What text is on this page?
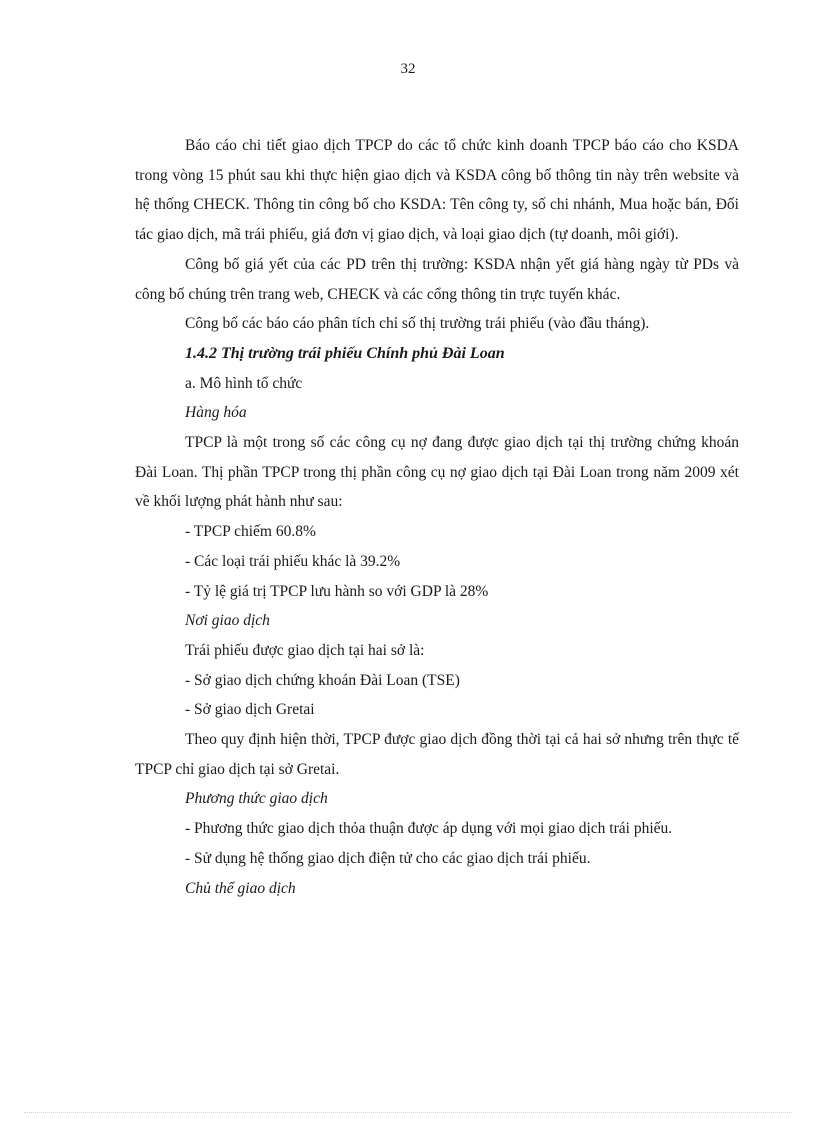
32

Báo cáo chi tiết giao dịch TPCP do các tổ chức kinh doanh TPCP báo cáo cho KSDA trong vòng 15 phút sau khi thực hiện giao dịch và KSDA công bố thông tin này trên website và hệ thống CHECK. Thông tin công bố cho KSDA: Tên công ty, số chi nhánh, Mua hoặc bán, Đối tác giao dịch, mã trái phiếu, giá đơn vị giao dịch, và loại giao dịch (tự doanh, môi giới).

Công bố giá yết của các PD trên thị trường: KSDA nhận yết giá hàng ngày từ PDs và công bố chúng trên trang web, CHECK và các cổng thông tin trực tuyến khác.

Công bố các báo cáo phân tích chỉ số thị trường trái phiếu (vào đầu tháng).

1.4.2 Thị trường trái phiếu Chính phủ Đài Loan

a. Mô hình tổ chức

Hàng hóa

TPCP là một trong số các công cụ nợ đang được giao dịch tại thị trường chứng khoán Đài Loan. Thị phần TPCP trong thị phần công cụ nợ giao dịch tại Đài Loan trong năm 2009 xét về khối lượng phát hành như sau:

- TPCP chiếm 60.8%

- Các loại trái phiếu khác là 39.2%

- Tỷ lệ giá trị TPCP lưu hành so với GDP là 28%

Nơi giao dịch

Trái phiếu được giao dịch tại hai sở là:

- Sở giao dịch chứng khoán Đài Loan (TSE)

- Sở giao dịch Gretai

Theo quy định hiện thời, TPCP được giao dịch đồng thời tại cả hai sở nhưng trên thực tế TPCP chỉ giao dịch tại sở Gretai.

Phương thức giao dịch

- Phương thức giao dịch thỏa thuận được áp dụng với mọi giao dịch trái phiếu.

- Sử dụng hệ thống giao dịch điện tử cho các giao dịch trái phiếu.

Chủ thể giao dịch
